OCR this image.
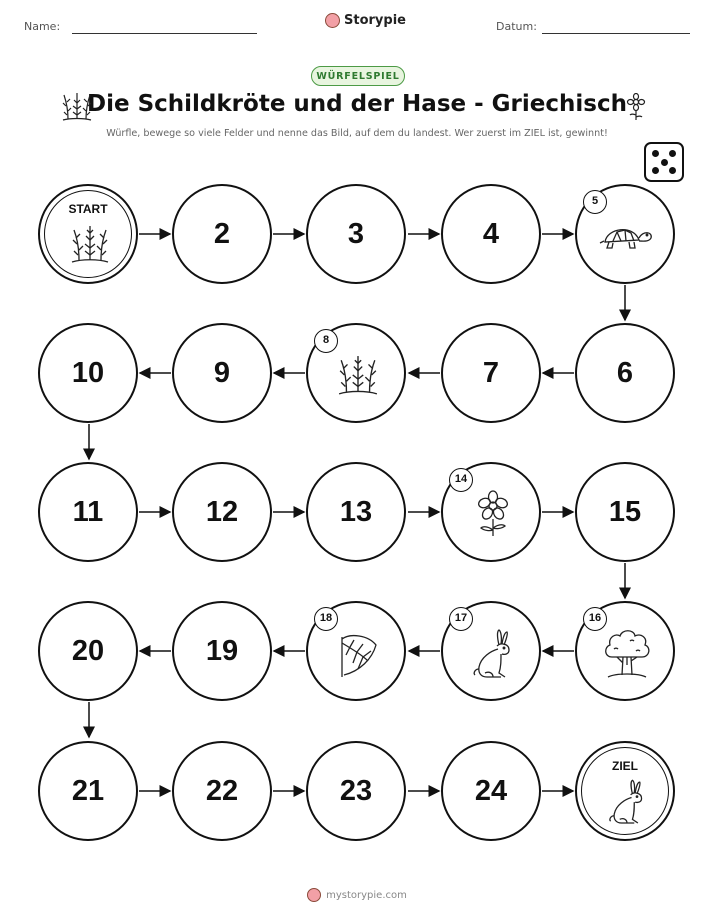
Name:	Storypie	Datum:
WÜRFELSPIEL
Die Schildkröte und der Hase - Griechisch
Würfle, bewege so viele Felder und nenne das Bild, auf dem du landest. Wer zuerst im ZIEL ist, gewinnt!
START
2	3	4
5
10	9
8
7	6
11	12	13
14
15
20	19
18	17	16
21	22	23	24
ZIEL
mystorypie.com
